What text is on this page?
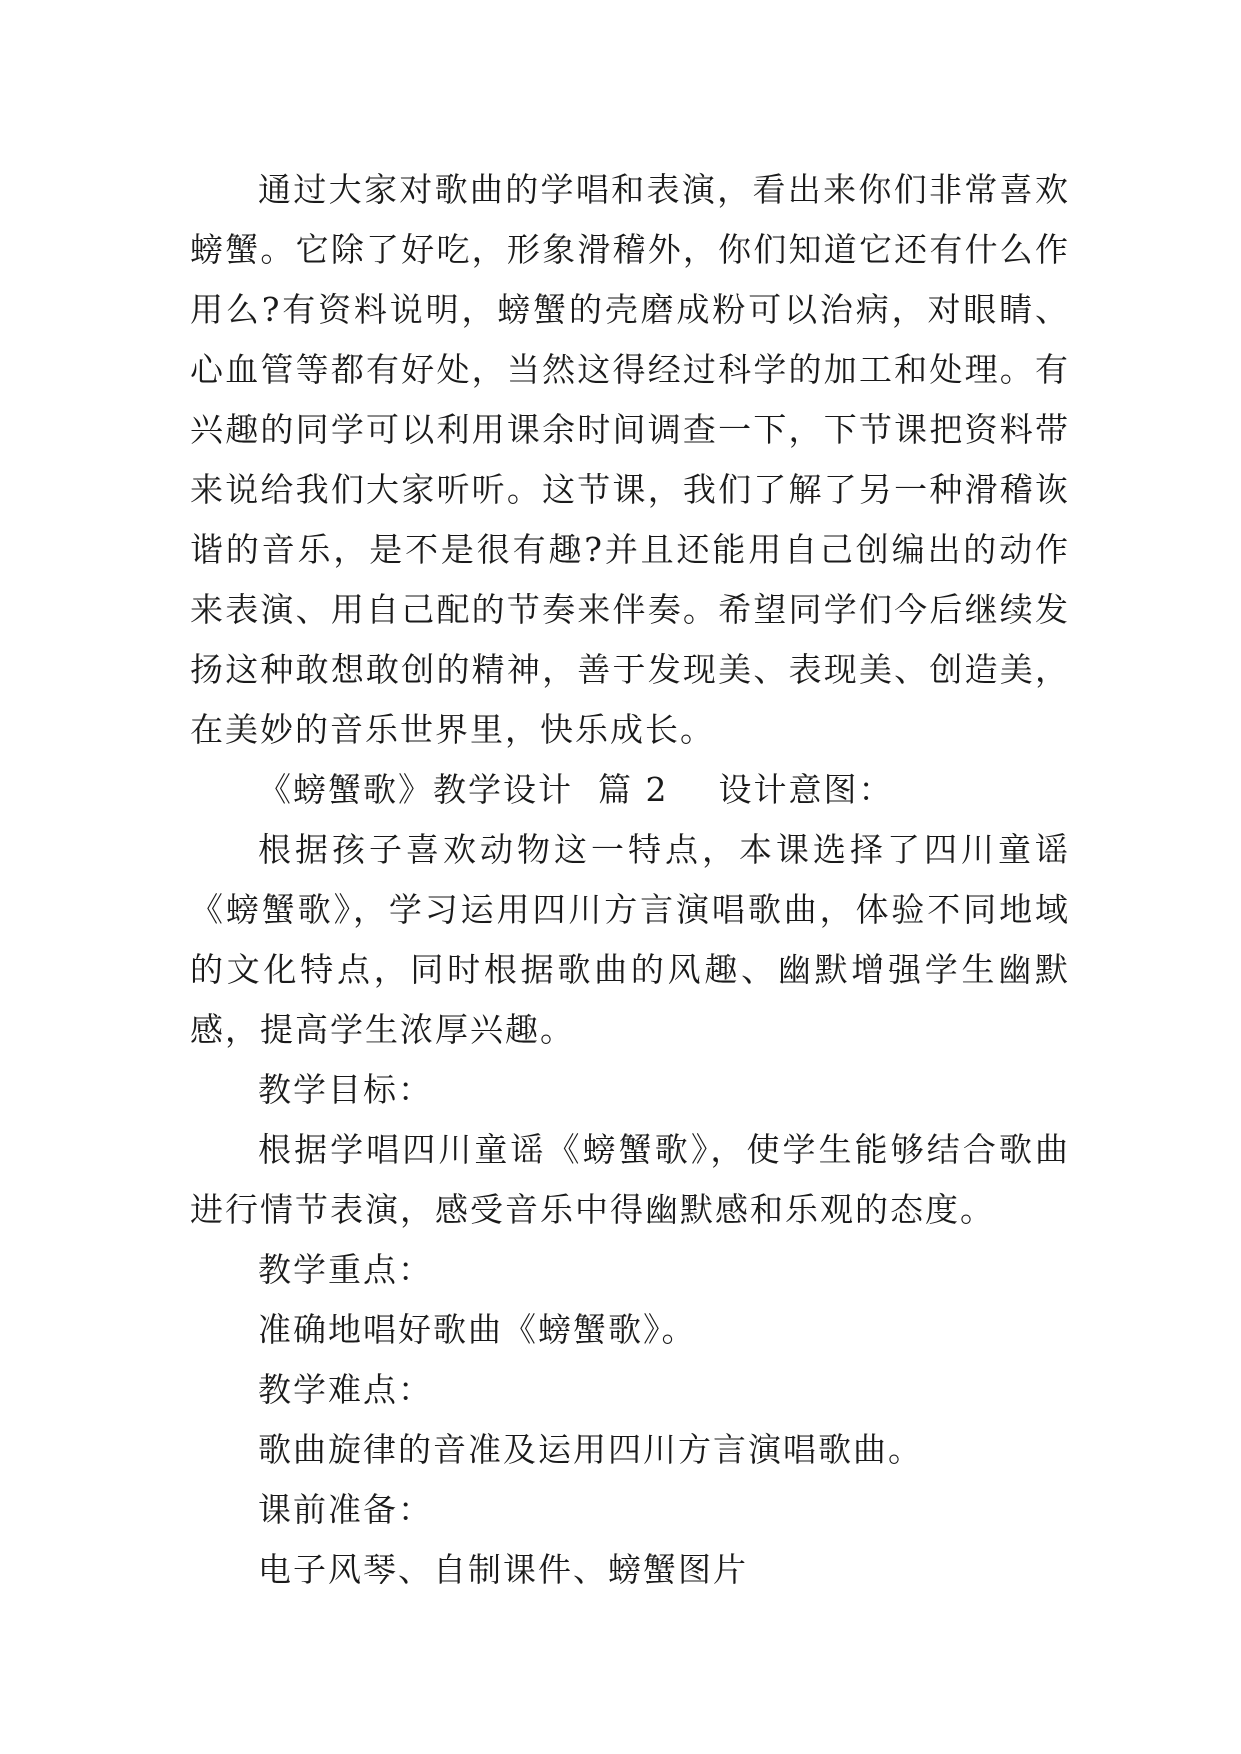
通过大家对歌曲的学唱和表演，看出来你们非常喜欢螃蟹。它除了好吃，形象滑稽外，你们知道它还有什么作用么?有资料说明，螃蟹的壳磨成粉可以治病，对眼睛、心血管等都有好处，当然这得经过科学的加工和处理。有兴趣的同学可以利用课余时间调查一下，下节课把资料带来说给我们大家听听。这节课，我们了解了另一种滑稽诙谐的音乐，是不是很有趣?并且还能用自己创编出的动作来表演、用自己配的节奏来伴奏。希望同学们今后继续发扬这种敢想敢创的精神，善于发现美、表现美、创造美，在美妙的音乐世界里，快乐成长。

《螃蟹歌》教学设计 篇 2 设计意图：

根据孩子喜欢动物这一特点，本课选择了四川童谣《螃蟹歌》，学习运用四川方言演唱歌曲，体验不同地域的文化特点，同时根据歌曲的风趣、幽默增强学生幽默感，提高学生浓厚兴趣。

教学目标：

根据学唱四川童谣《螃蟹歌》，使学生能够结合歌曲进行情节表演，感受音乐中得幽默感和乐观的态度。

教学重点：

准确地唱好歌曲《螃蟹歌》。

教学难点：

歌曲旋律的音准及运用四川方言演唱歌曲。

课前准备：

电子风琴、自制课件、螃蟹图片
